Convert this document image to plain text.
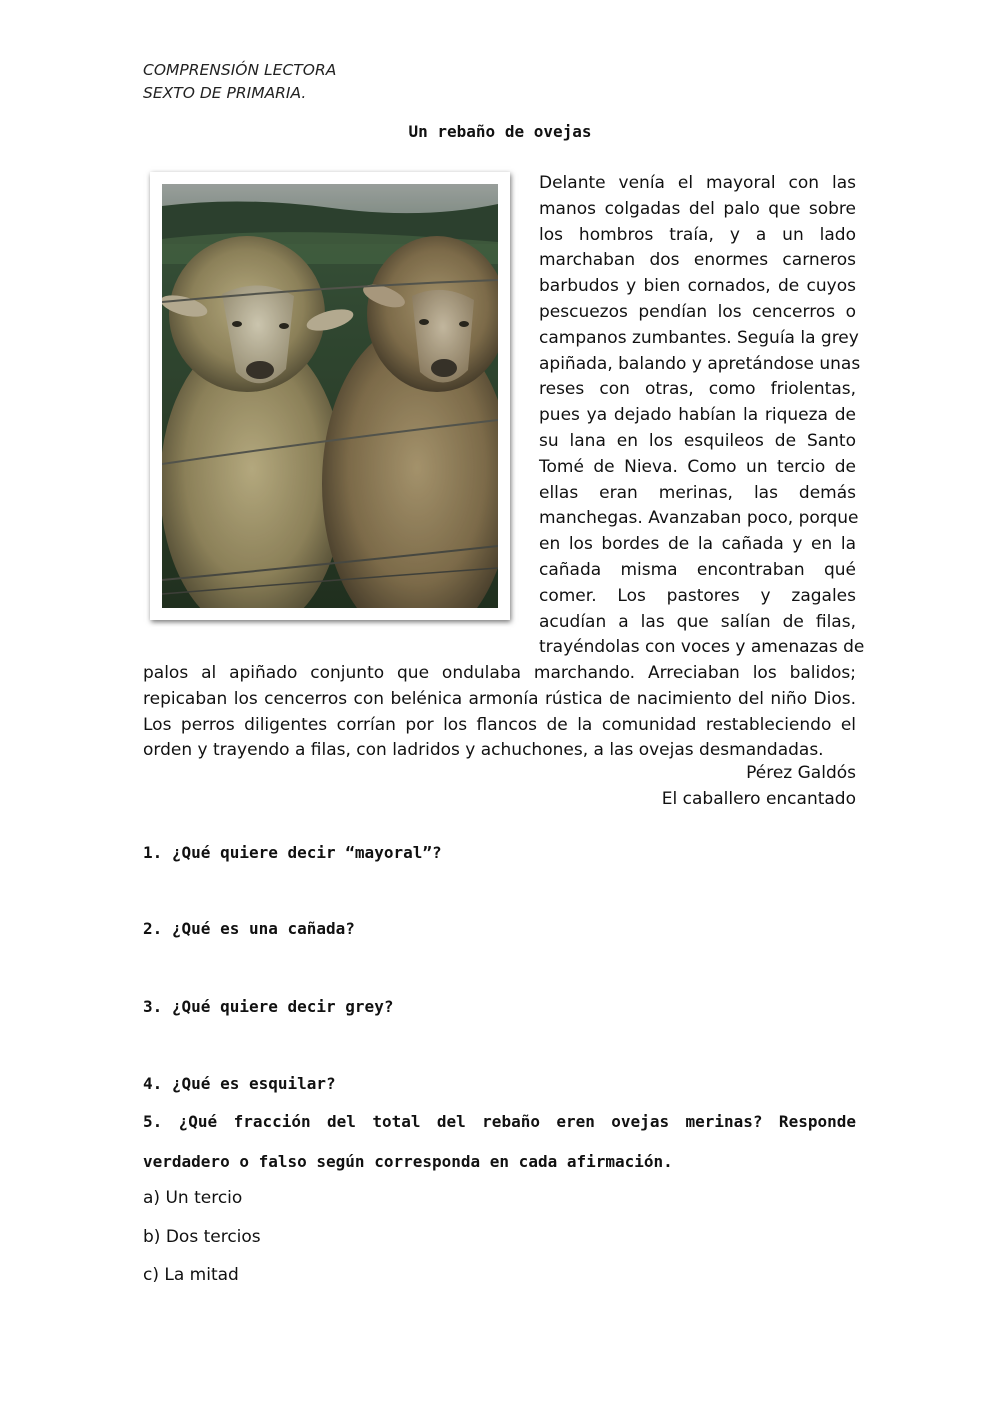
COMPRENSIÓN LECTORA
SEXTO DE PRIMARIA.
Un rebaño de ovejas
Delante venía el mayoral con las
manos colgadas del palo que sobre
los hombros traía, y a un lado
marchaban dos enormes carneros
barbudos y bien cornados, de cuyos
pescuezos pendían los cencerros o
campanos zumbantes. Seguía la grey
apiñada, balando y apretándose unas
reses con otras, como friolentas,
pues ya dejado habían la riqueza de
su lana en los esquileos de Santo
Tomé de Nieva. Como un tercio de
ellas eran merinas, las demás
manchegas. Avanzaban poco, porque
en los bordes de la cañada y en la
cañada misma encontraban qué
comer. Los pastores y zagales
acudían a las que salían de filas,
trayéndolas con voces y amenazas de
palos al apiñado conjunto que ondulaba marchando. Arreciaban los balidos;
repicaban los cencerros con belénica armonía rústica de nacimiento del niño Dios.
Los perros diligentes corrían por los flancos de la comunidad restableciendo el
orden y trayendo a filas, con ladridos y achuchones, a las ovejas desmandadas.
Pérez Galdós
El caballero encantado
1. ¿Qué quiere decir “mayoral”?
2. ¿Qué es una cañada?
3. ¿Qué quiere decir grey?
4. ¿Qué es esquilar?
5. ¿Qué fracción del total del rebaño eren ovejas merinas? Responde
verdadero o falso según corresponda en cada afirmación.
a) Un tercio
b) Dos tercios
c) La mitad
